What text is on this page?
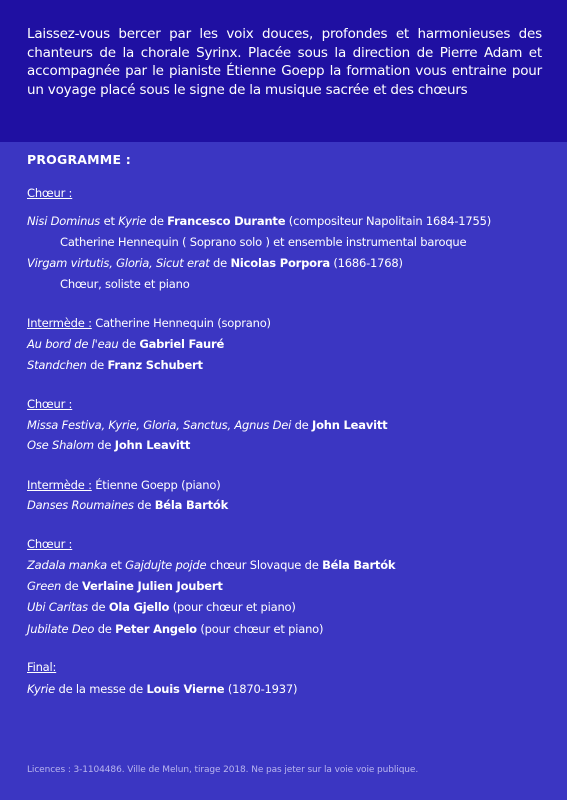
Laissez-vous bercer par les voix douces, profondes et harmonieuses des chanteurs de la chorale Syrinx. Placée sous la direction de Pierre Adam et accompagnée par le pianiste Étienne Goepp la formation vous entraine pour un voyage placé sous le signe de la musique sacrée et des chœurs

PROGRAMME :

Chœur :
Nisi Dominus et Kyrie de Francesco Durante (compositeur Napolitain 1684-1755)
Catherine Hennequin ( Soprano solo ) et ensemble instrumental baroque
Virgam virtutis, Gloria, Sicut erat de Nicolas Porpora (1686-1768)
Chœur, soliste et piano
Intermède : Catherine Hennequin (soprano)
Au bord de l'eau de Gabriel Fauré
Standchen de Franz Schubert
Chœur :
Missa Festiva, Kyrie, Gloria, Sanctus, Agnus Dei de John Leavitt
Ose Shalom de John Leavitt
Intermède : Étienne Goepp (piano)
Danses Roumaines de Béla Bartók
Chœur :
Zadala manka et Gajdujte pojde chœur Slovaque de Béla Bartók
Green de Verlaine Julien Joubert
Ubi Caritas de Ola Gjello (pour chœur et piano)
Jubilate Deo de Peter Angelo (pour chœur et piano)
Final:
Kyrie de la messe de Louis Vierne (1870-1937)
Licences : 3-1104486. Ville de Melun, tirage 2018. Ne pas jeter sur la voie voie publique.
